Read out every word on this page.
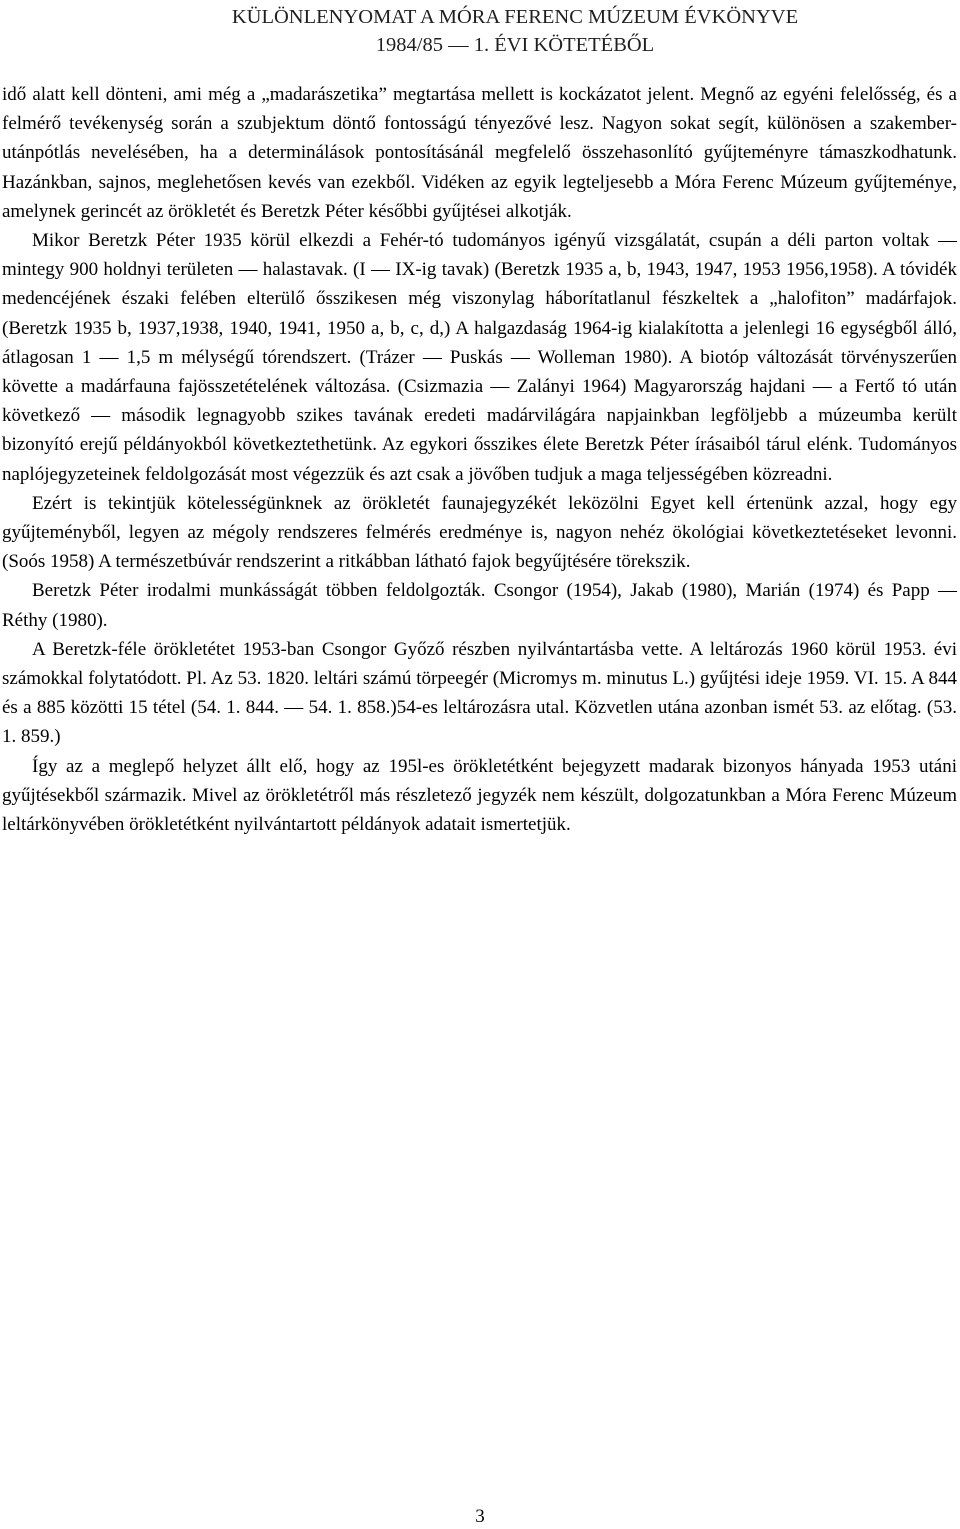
KÜLÖNLENYOMAT A MÓRA FERENC MÚZEUM ÉVKÖNYVE
1984/85 — 1. ÉVI KÖTETÉBŐL

idő alatt kell dönteni, ami még a „madarászetika” megtartása mellett is kockázatot jelent. Megnő az egyéni felelősség, és a felmérő tevékenység során a szubjektum döntő fontosságú tényezővé lesz. Nagyon sokat segít, különösen a szakember-utánpótlás nevelésében, ha a determinálások pontosításánál megfelelő összehasonlító gyűjteményre támaszkodhatunk. Hazánkban, sajnos, meglehetősen kevés van ezekből. Vidéken az egyik legteljesebb a Móra Ferenc Múzeum gyűjteménye, amelynek gerincét az örökletét és Beretzk Péter későbbi gyűjtései alkotják.

Mikor Beretzk Péter 1935 körül elkezdi a Fehér-tó tudományos igényű vizsgálatát, csupán a déli parton voltak — mintegy 900 holdnyi területen — halastavak. (I — IX-ig tavak) (Beretzk 1935 a, b, 1943, 1947, 1953 1956,1958). A tóvidék medencéjének északi felében elterülő ősszikesen még viszonylag háborítatlanul fészkeltek a „halofiton” madárfajok. (Beretzk 1935 b, 1937,1938, 1940, 1941, 1950 a, b, c, d,) A halgazdaság 1964-ig kialakította a jelenlegi 16 egységből álló, átlagosan 1 — 1,5 m mélységű tórendszert. (Trázer — Puskás — Wolleman 1980). A biotóp változását törvényszerűen követte a madárfauna fajösszetételének változása. (Csizmazia — Zalányi 1964) Magyarország hajdani — a Fertő tó után következő — második legnagyobb szikes tavának eredeti madárvilágára napjainkban legföljebb a múzeumba került bizonyító erejű példányokból következtethetünk. Az egykori ősszikes élete Beretzk Péter írásaiból tárul elénk. Tudományos naplójegyzeteinek feldolgozását most végezzük és azt csak a jövőben tudjuk a maga teljességében közreadni.

Ezért is tekintjük kötelességünknek az örökletét faunajegyzékét leközölni Egyet kell értenünk azzal, hogy egy gyűjteményből, legyen az mégoly rendszeres felmérés eredménye is, nagyon nehéz ökológiai következtetéseket levonni. (Soós 1958) A természetbúvár rendszerint a ritkábban látható fajok begyűjtésére törekszik.

Beretzk Péter irodalmi munkásságát többen feldolgozták. Csongor (1954), Jakab (1980), Marián (1974) és Papp — Réthy (1980).

A Beretzk-féle örökletétet 1953-ban Csongor Győző részben nyilvántartásba vette. A leltározás 1960 körül 1953. évi számokkal folytatódott. Pl. Az 53. 1820. leltári számú törpeegér (Micromys m. minutus L.) gyűjtési ideje 1959. VI. 15. A 844 és a 885 közötti 15 tétel (54. 1. 844. — 54. 1. 858.)54-es leltározásra utal. Közvetlen utána azonban ismét 53. az előtag. (53. 1. 859.)

Így az a meglepő helyzet állt elő, hogy az 195l-es örökletétként bejegyzett madarak bizonyos hányada 1953 utáni gyűjtésekből származik. Mivel az örökletétről más részletező jegyzék nem készült, dolgozatunkban a Móra Ferenc Múzeum leltárkönyvében örökletétként nyilvántartott példányok adatait ismertetjük.

3
